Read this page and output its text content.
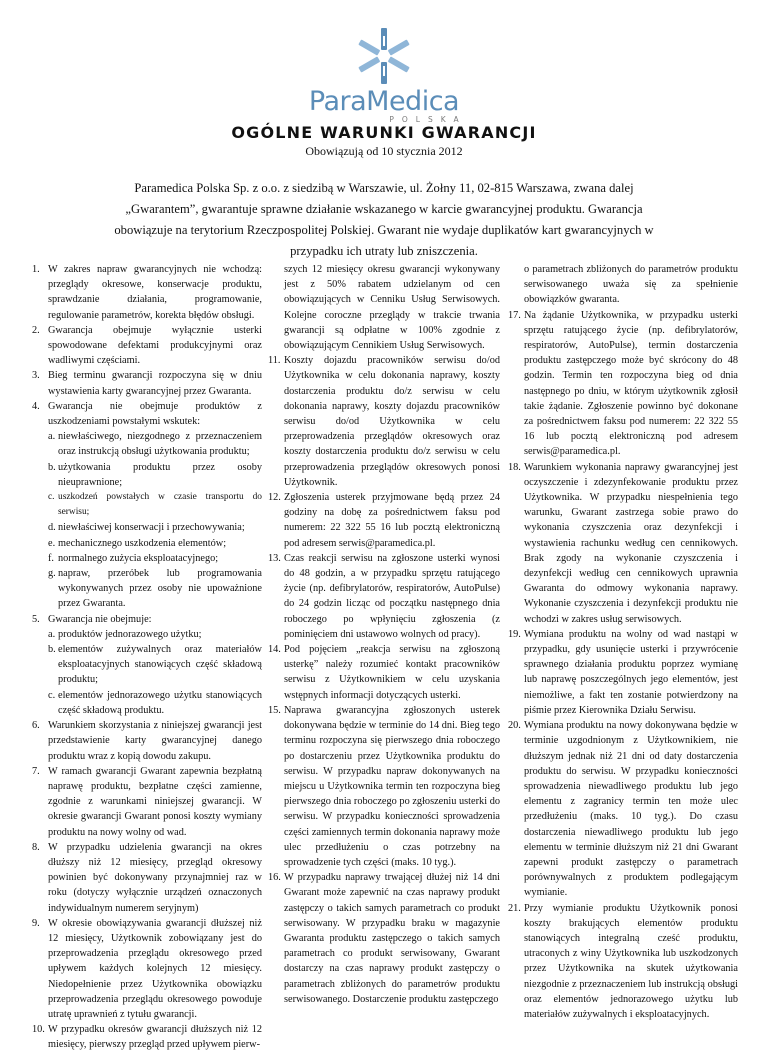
ParaMedica
POLSKA
OGÓLNE WARUNKI GWARANCJI
Obowiązują od 10 stycznia 2012
Paramedica Polska Sp. z o.o. z siedzibą w Warszawie, ul. Żołny 11, 02-815 Warszawa, zwana dalej „Gwarantem”, gwarantuje sprawne działanie wskazanego w karcie gwarancyjnej produktu. Gwarancja obowiązuje na terytorium Rzeczpospolitej Polskiej. Gwarant nie wydaje duplikatów kart gwarancyjnych w przypadku ich utraty lub zniszczenia.
1. W zakres napraw gwarancyjnych nie wchodzą: przeglądy okresowe, konserwacje produktu, sprawdzanie działania, programowanie, regulowanie parametrów, korekta błędów obsługi.
2. Gwarancja obejmuje wyłącznie usterki spowodowane defektami produkcyjnymi oraz wadliwymi częściami.
3. Bieg terminu gwarancji rozpoczyna się w dniu wystawienia karty gwarancyjnej przez Gwaranta.
4. Gwarancja nie obejmuje produktów z uszkodzeniami powstałymi wskutek:
a. niewłaściwego, niezgodnego z przeznaczeniem oraz instrukcją obsługi użytkowania produktu;
b. użytkowania produktu przez osoby nieuprawnione;
c. uszkodzeń powstałych w czasie transportu do serwisu;
d. niewłaściwej konserwacji i przechowywania;
e. mechanicznego uszkodzenia elementów;
f. normalnego zużycia eksploatacyjnego;
g. napraw, przeróbek lub programowania wykonywanych przez osoby nie upoważnione przez Gwaranta.
5. Gwarancja nie obejmuje:
a. produktów jednorazowego użytku;
b. elementów zużywalnych oraz materiałów eksploatacyjnych stanowiących część składową produktu;
c. elementów jednorazowego użytku stanowiących część składową produktu.
6. Warunkiem skorzystania z niniejszej gwarancji jest przedstawienie karty gwarancyjnej danego produktu wraz z kopią dowodu zakupu.
7. W ramach gwarancji Gwarant zapewnia bezpłatną naprawę produktu, bezpłatne części zamienne, zgodnie z warunkami niniejszej gwarancji. W okresie gwarancji Gwarant ponosi koszty wymiany produktu na nowy wolny od wad.
8. W przypadku udzielenia gwarancji na okres dłuższy niż 12 miesięcy, przegląd okresowy powinien być dokonywany przynajmniej raz w roku (dotyczy wyłącznie urządzeń oznaczonych indywidualnym numerem seryjnym)
9. W okresie obowiązywania gwarancji dłuższej niż 12 miesięcy, Użytkownik zobowiązany jest do przeprowadzenia przeglądu okresowego przed upływem każdych kolejnych 12 miesięcy. Niedopełnienie przez Użytkownika obowiązku przeprowadzenia przeglądu okresowego powoduje utratę uprawnień z tytułu gwarancji.
10. W przypadku okresów gwarancji dłuższych niż 12 miesięcy, pierwszy przegląd przed upływem pierw-
szych 12 miesięcy okresu gwarancji wykonywany jest z 50% rabatem udzielanym od cen obowiązujących w Cenniku Usług Serwisowych. Kolejne coroczne przeglądy w trakcie trwania gwarancji są odpłatne w 100% zgodnie z obowiązującym Cennikiem Usług Serwisowych.
11. Koszty dojazdu pracowników serwisu do/od Użytkownika w celu dokonania naprawy, koszty dostarczenia produktu do/z serwisu w celu dokonania naprawy, koszty dojazdu pracowników serwisu do/od Użytkownika w celu przeprowadzenia przeglądów okresowych oraz koszty dostarczenia produktu do/z serwisu w celu przeprowadzenia przeglądów okresowych ponosi Użytkownik.
12. Zgłoszenia usterek przyjmowane będą przez 24 godziny na dobę za pośrednictwem faksu pod numerem: 22 322 55 16 lub pocztą elektroniczną pod adresem serwis@paramedica.pl.
13. Czas reakcji serwisu na zgłoszone usterki wynosi do 48 godzin, a w przypadku sprzętu ratującego życie (np. defibrylatorów, respiratorów, AutoPulse) do 24 godzin licząc od początku następnego dnia roboczego po wpłynięciu zgłoszenia (z pominięciem dni ustawowo wolnych od pracy).
14. Pod pojęciem „reakcja serwisu na zgłoszoną usterkę” należy rozumieć kontakt pracowników serwisu z Użytkownikiem w celu uzyskania wstępnych informacji dotyczących usterki.
15. Naprawa gwarancyjna zgłoszonych usterek dokonywana będzie w terminie do 14 dni. Bieg tego terminu rozpoczyna się pierwszego dnia roboczego po dostarczeniu przez Użytkownika produktu do serwisu. W przypadku napraw dokonywanych na miejscu u Użytkownika termin ten rozpoczyna bieg pierwszego dnia roboczego po zgłoszeniu usterki do serwisu. W przypadku konieczności sprowadzenia części zamiennych termin dokonania naprawy może ulec przedłużeniu o czas potrzebny na sprowadzenie tych części (maks. 10 tyg.).
16. W przypadku naprawy trwającej dłużej niż 14 dni Gwarant może zapewnić na czas naprawy produkt zastępczy o takich samych parametrach co produkt serwisowany. W przypadku braku w magazynie Gwaranta produktu zastępczego o takich samych parametrach co produkt serwisowany, Gwarant dostarczy na czas naprawy produkt zastępczy o parametrach zbliżonych do parametrów produktu serwisowanego. Dostarczenie produktu zastępczego
o parametrach zbliżonych do parametrów produktu serwisowanego uważa się za spełnienie obowiązków gwaranta.
17. Na żądanie Użytkownika, w przypadku usterki sprzętu ratującego życie (np. defibrylatorów, respiratorów, AutoPulse), termin dostarczenia produktu zastępczego może być skrócony do 48 godzin. Termin ten rozpoczyna bieg od dnia następnego po dniu, w którym użytkownik zgłosił takie żądanie. Zgłoszenie powinno być dokonane za pośrednictwem faksu pod numerem: 22 322 55 16 lub pocztą elektroniczną pod adresem serwis@paramedica.pl.
18. Warunkiem wykonania naprawy gwarancyjnej jest oczyszczenie i zdezynfekowanie produktu przez Użytkownika. W przypadku niespełnienia tego warunku, Gwarant zastrzega sobie prawo do wykonania czyszczenia oraz dezynfekcji i wystawienia rachunku według cen cennikowych. Brak zgody na wykonanie czyszczenia i dezynfekcji według cen cennikowych uprawnia Gwaranta do odmowy wykonania naprawy. Wykonanie czyszczenia i dezynfekcji produktu nie wchodzi w zakres usług serwisowych.
19. Wymiana produktu na wolny od wad nastąpi w przypadku, gdy usunięcie usterki i przywrócenie sprawnego działania produktu poprzez wymianę lub naprawę poszczególnych jego elementów, jest niemożliwe, a fakt ten zostanie potwierdzony na piśmie przez Kierownika Działu Serwisu.
20. Wymiana produktu na nowy dokonywana będzie w terminie uzgodnionym z Użytkownikiem, nie dłuższym jednak niż 21 dni od daty dostarczenia produktu do serwisu. W przypadku konieczności sprowadzenia niewadliwego produktu lub jego elementu z zagranicy termin ten może ulec przedłużeniu (maks. 10 tyg.). Do czasu dostarczenia niewadliwego produktu lub jego elementu w terminie dłuższym niż 21 dni Gwarant zapewni produkt zastępczy o parametrach porównywalnych z produktem podlegającym wymianie.
21. Przy wymianie produktu Użytkownik ponosi koszty brakujących elementów produktu stanowiących integralną cześć produktu, utraconych z winy Użytkownika lub uszkodzonych przez Użytkownika na skutek użytkowania niezgodnie z przeznaczeniem lub instrukcją obsługi oraz elementów jednorazowego użytku lub materiałów zużywalnych i eksploatacyjnych.
